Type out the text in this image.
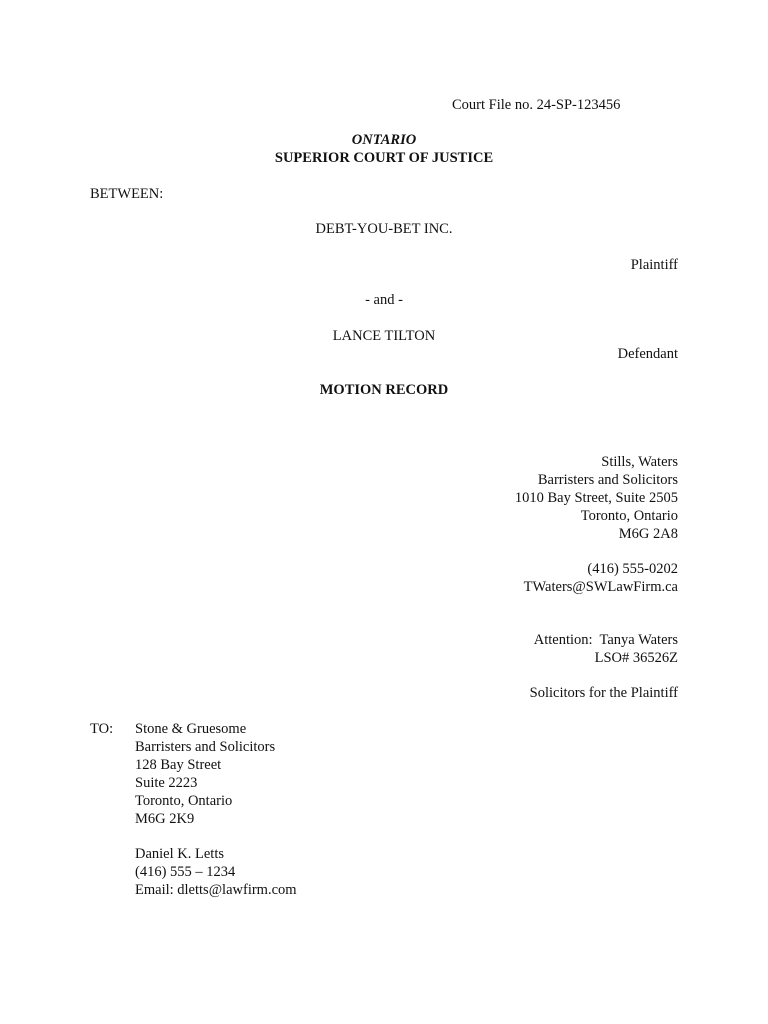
Court File no. 24-SP-123456
ONTARIO
SUPERIOR COURT OF JUSTICE
BETWEEN:
DEBT-YOU-BET INC.
Plaintiff
- and -
LANCE TILTON
Defendant
MOTION RECORD
Stills, Waters
Barristers and Solicitors
1010 Bay Street, Suite 2505
Toronto, Ontario
M6G 2A8
(416) 555-0202
TWaters@SWLawFirm.ca
Attention:  Tanya Waters
LSO# 36526Z
Solicitors for the Plaintiff
TO: Stone & Gruesome
Barristers and Solicitors
128 Bay Street
Suite 2223
Toronto, Ontario
M6G 2K9
Daniel K. Letts
(416) 555 – 1234
Email: dletts@lawfirm.com
